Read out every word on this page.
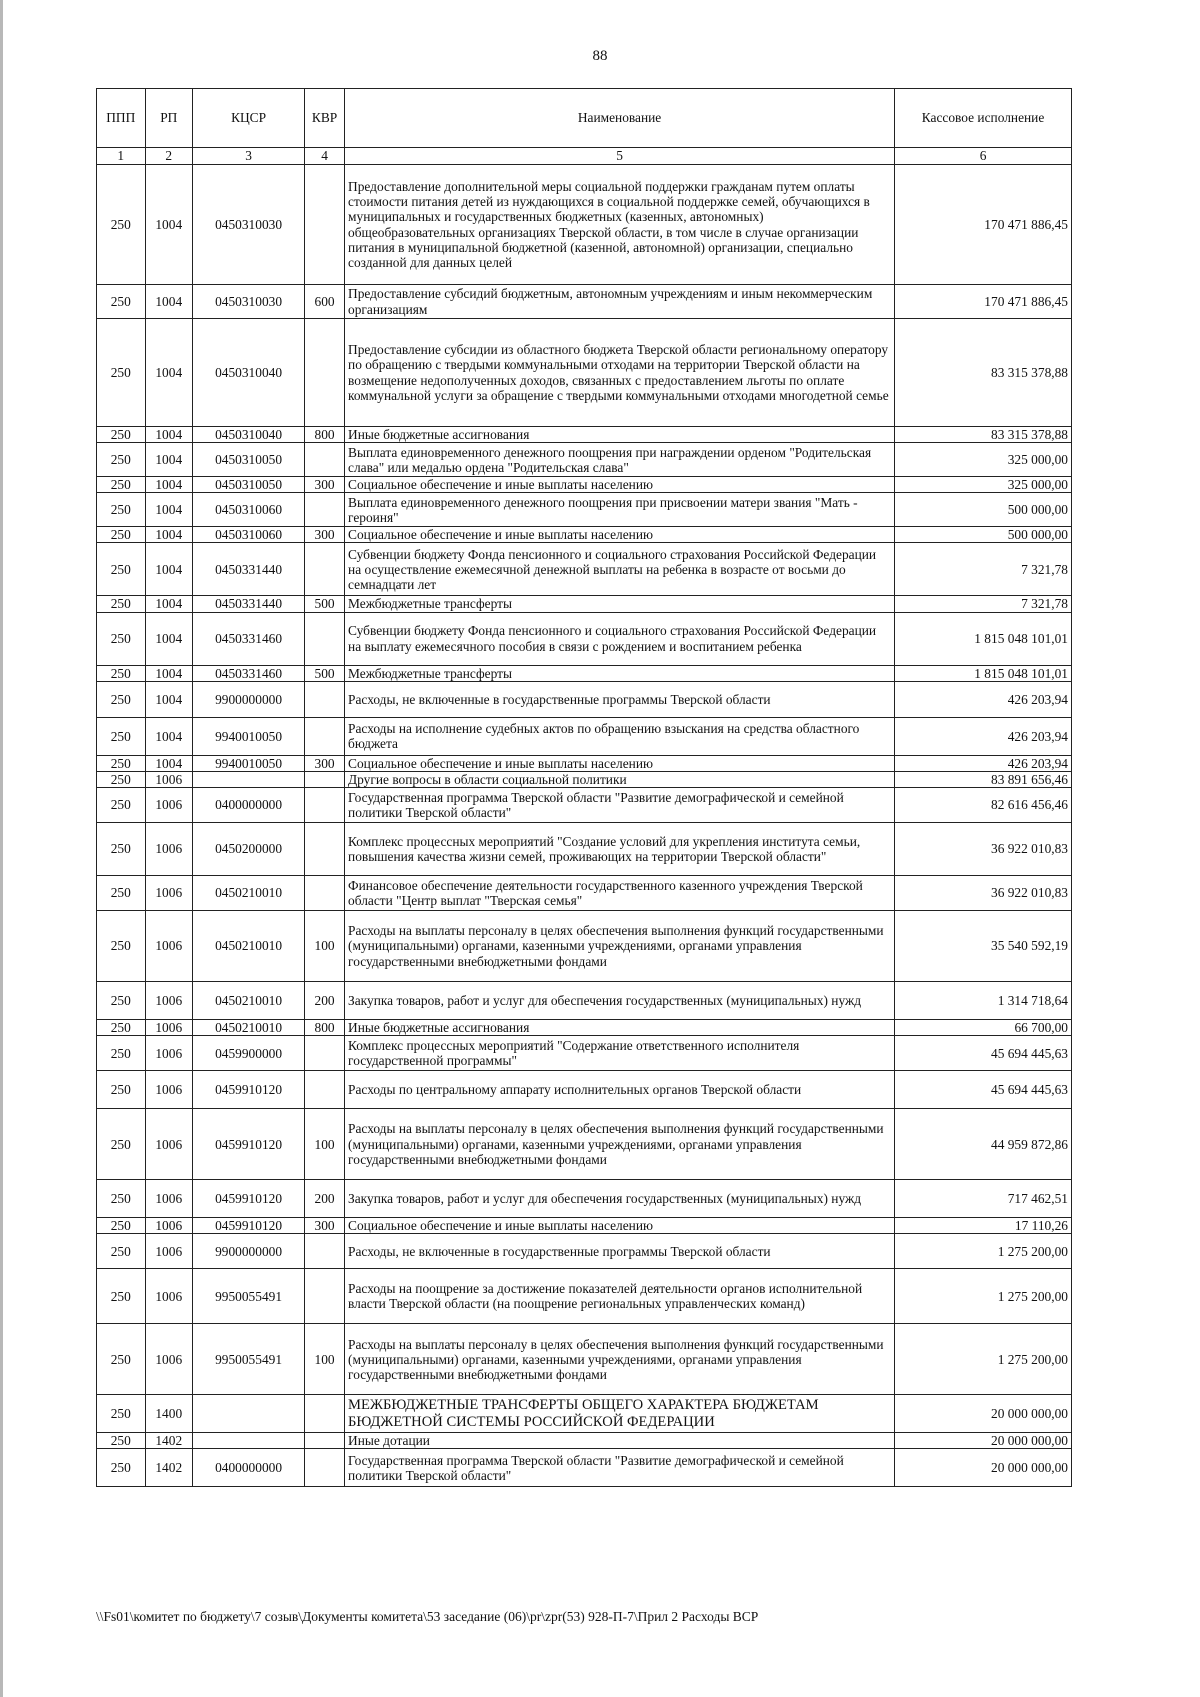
88
ППП	РП	КЦСР	КВР	Наименование	Кассовое исполнение
1	2	3	4	5	6
250	1004	0450310030		Предоставление дополнительной меры социальной поддержки гражданам путем оплаты стоимости питания детей из нуждающихся в социальной поддержке семей, обучающихся в муниципальных и государственных бюджетных (казенных, автономных) общеобразовательных организациях Тверской области, в том числе в случае организации питания в муниципальной бюджетной (казенной, автономной) организации, специально созданной для данных целей	170 471 886,45
250	1004	0450310030	600	Предоставление субсидий бюджетным, автономным учреждениям и иным некоммерческим организациям	170 471 886,45
250	1004	0450310040		Предоставление субсидии из областного бюджета Тверской области региональному оператору по обращению с твердыми коммунальными отходами на территории Тверской области на возмещение недополученных доходов, связанных с предоставлением льготы по оплате коммунальной услуги за обращение с твердыми коммунальными отходами многодетной семье	83 315 378,88
250	1004	0450310040	800	Иные бюджетные ассигнования	83 315 378,88
250	1004	0450310050		Выплата единовременного денежного поощрения при награждении орденом "Родительская слава" или медалью ордена "Родительская слава"	325 000,00
250	1004	0450310050	300	Социальное обеспечение и иные выплаты населению	325 000,00
250	1004	0450310060		Выплата единовременного денежного поощрения при присвоении матери звания "Мать - героиня"	500 000,00
250	1004	0450310060	300	Социальное обеспечение и иные выплаты населению	500 000,00
250	1004	0450331440		Субвенции бюджету Фонда пенсионного и социального страхования Российской Федерации на осуществление ежемесячной денежной выплаты на ребенка в возрасте от восьми до семнадцати лет	7 321,78
250	1004	0450331440	500	Межбюджетные трансферты	7 321,78
250	1004	0450331460		Субвенции бюджету Фонда пенсионного и социального страхования Российской Федерации на выплату ежемесячного пособия в связи с рождением и воспитанием ребенка	1 815 048 101,01
250	1004	0450331460	500	Межбюджетные трансферты	1 815 048 101,01
250	1004	9900000000		Расходы, не включенные в государственные программы Тверской области	426 203,94
250	1004	9940010050		Расходы на исполнение судебных актов по обращению взыскания на средства областного бюджета	426 203,94
250	1004	9940010050	300	Социальное обеспечение и иные выплаты населению	426 203,94
250	1006			Другие вопросы в области социальной политики	83 891 656,46
250	1006	0400000000		Государственная программа Тверской области "Развитие демографической и семейной политики Тверской области"	82 616 456,46
250	1006	0450200000		Комплекс процессных мероприятий "Создание условий для укрепления института семьи, повышения качества жизни семей, проживающих на территории Тверской области"	36 922 010,83
250	1006	0450210010		Финансовое обеспечение деятельности государственного казенного учреждения Тверской области "Центр выплат "Тверская семья"	36 922 010,83
250	1006	0450210010	100	Расходы на выплаты персоналу в целях обеспечения выполнения функций государственными (муниципальными) органами, казенными учреждениями, органами управления государственными внебюджетными фондами	35 540 592,19
250	1006	0450210010	200	Закупка товаров, работ и услуг для обеспечения государственных (муниципальных) нужд	1 314 718,64
250	1006	0450210010	800	Иные бюджетные ассигнования	66 700,00
250	1006	0459900000		Комплекс процессных мероприятий "Содержание ответственного исполнителя государственной программы"	45 694 445,63
250	1006	0459910120		Расходы по центральному аппарату исполнительных органов Тверской области	45 694 445,63
250	1006	0459910120	100	Расходы на выплаты персоналу в целях обеспечения выполнения функций государственными (муниципальными) органами, казенными учреждениями, органами управления государственными внебюджетными фондами	44 959 872,86
250	1006	0459910120	200	Закупка товаров, работ и услуг для обеспечения государственных (муниципальных) нужд	717 462,51
250	1006	0459910120	300	Социальное обеспечение и иные выплаты населению	17 110,26
250	1006	9900000000		Расходы, не включенные в государственные программы Тверской области	1 275 200,00
250	1006	9950055491		Расходы на поощрение за достижение показателей деятельности органов исполнительной власти Тверской области (на поощрение региональных управленческих команд)	1 275 200,00
250	1006	9950055491	100	Расходы на выплаты персоналу в целях обеспечения выполнения функций государственными (муниципальными) органами, казенными учреждениями, органами управления государственными внебюджетными фондами	1 275 200,00
250	1400			МЕЖБЮДЖЕТНЫЕ ТРАНСФЕРТЫ ОБЩЕГО ХАРАКТЕРА БЮДЖЕТАМ БЮДЖЕТНОЙ СИСТЕМЫ РОССИЙСКОЙ ФЕДЕРАЦИИ	20 000 000,00
250	1402			Иные дотации	20 000 000,00
250	1402	0400000000		Государственная программа Тверской области "Развитие демографической и семейной политики Тверской области"	20 000 000,00
\\Fs01\комитет по бюджету\7 созыв\Документы комитета\53 заседание (06)\pr\zpr(53) 928-П-7\Прил 2 Расходы ВСР
